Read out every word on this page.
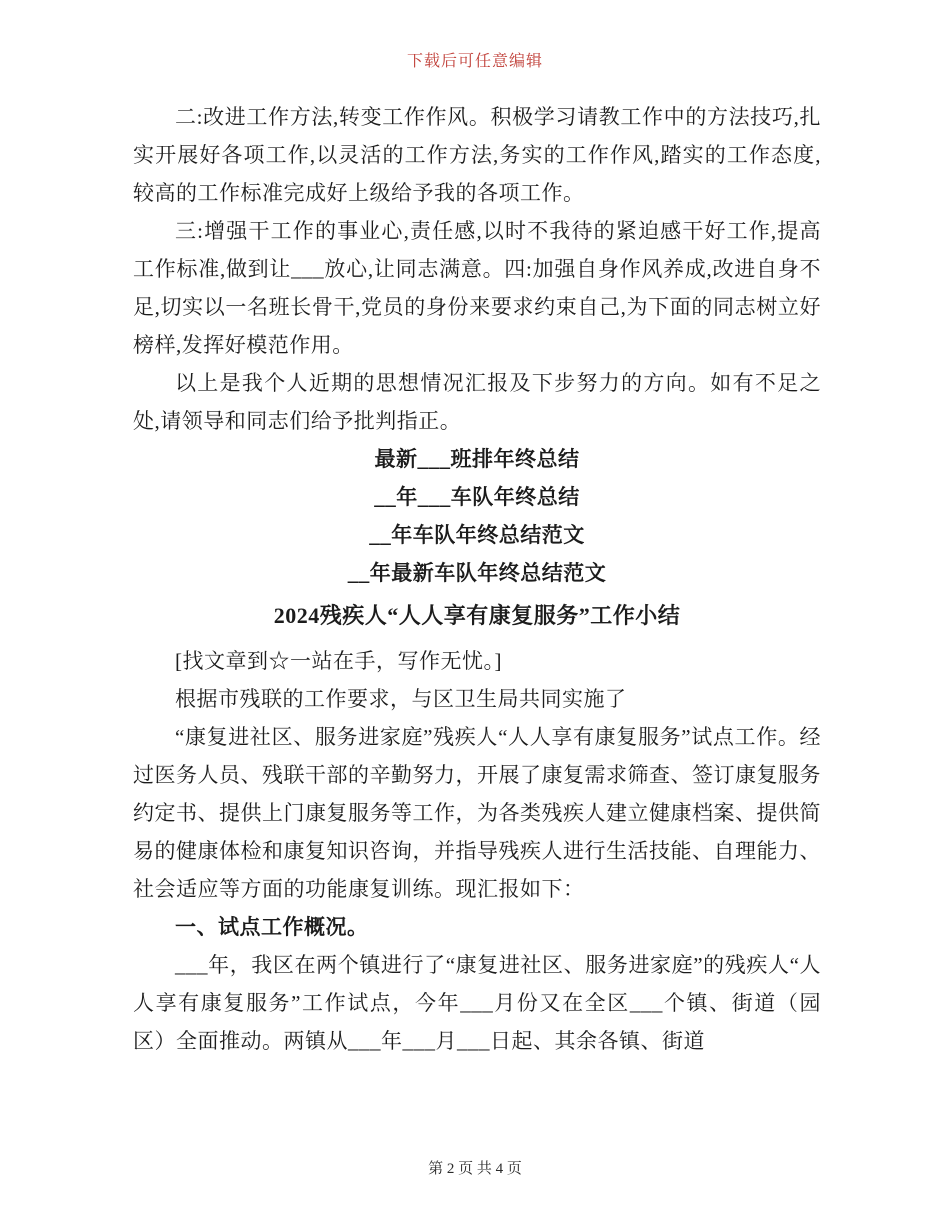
下载后可任意编辑

二:改进工作方法,转变工作作风。积极学习请教工作中的方法技巧,扎实开展好各项工作,以灵活的工作方法,务实的工作作风,踏实的工作态度,较高的工作标准完成好上级给予我的各项工作。

三:增强干工作的事业心,责任感,以时不我待的紧迫感干好工作,提高工作标准,做到让___放心,让同志满意。四:加强自身作风养成,改进自身不足,切实以一名班长骨干,党员的身份来要求约束自己,为下面的同志树立好榜样,发挥好模范作用。

以上是我个人近期的思想情况汇报及下步努力的方向。如有不足之处,请领导和同志们给予批判指正。

最新___班排年终总结

__年___车队年终总结

__年车队年终总结范文

__年最新车队年终总结范文

2024残疾人“人人享有康复服务”工作小结

[找文章到☆一站在手，写作无忧。]

根据市残联的工作要求，与区卫生局共同实施了

“康复进社区、服务进家庭”残疾人“人人享有康复服务”试点工作。经过医务人员、残联干部的辛勤努力，开展了康复需求筛查、签订康复服务约定书、提供上门康复服务等工作，为各类残疾人建立健康档案、提供简易的健康体检和康复知识咨询，并指导残疾人进行生活技能、自理能力、社会适应等方面的功能康复训练。现汇报如下：

一、试点工作概况。

___年，我区在两个镇进行了“康复进社区、服务进家庭”的残疾人“人人享有康复服务”工作试点，今年___月份又在全区___个镇、街道（园区）全面推动。两镇从___年___月___日起、其余各镇、街道

第 2 页 共 4 页
